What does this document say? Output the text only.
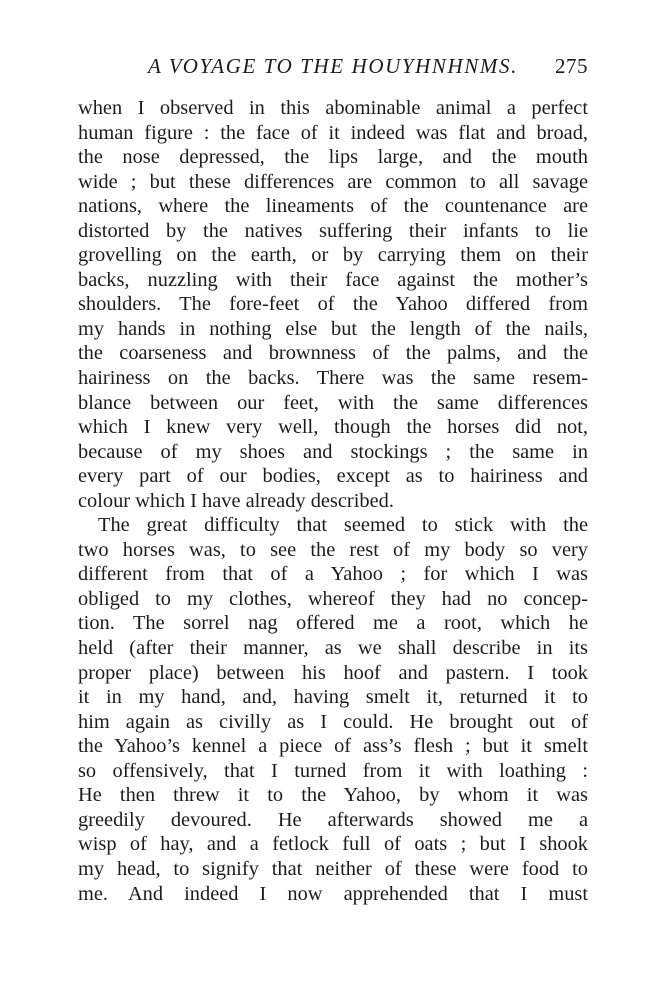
A VOYAGE TO THE HOUYHNHNMS. 275
when I observed in this abominable animal a perfect
human figure : the face of it indeed was flat and broad,
the nose depressed, the lips large, and the mouth
wide ; but these differences are common to all savage
nations, where the lineaments of the countenance are
distorted by the natives suffering their infants to lie
grovelling on the earth, or by carrying them on their
backs, nuzzling with their face against the mother’s
shoulders. The fore-feet of the Yahoo differed from
my hands in nothing else but the length of the nails,
the coarseness and brownness of the palms, and the
hairiness on the backs. There was the same resem-
blance between our feet, with the same differences
which I knew very well, though the horses did not,
because of my shoes and stockings ; the same in
every part of our bodies, except as to hairiness and
colour which I have already described.
The great difficulty that seemed to stick with the
two horses was, to see the rest of my body so very
different from that of a Yahoo ; for which I was
obliged to my clothes, whereof they had no concep-
tion. The sorrel nag offered me a root, which he
held (after their manner, as we shall describe in its
proper place) between his hoof and pastern. I took
it in my hand, and, having smelt it, returned it to
him again as civilly as I could. He brought out of
the Yahoo’s kennel a piece of ass’s flesh ; but it smelt
so offensively, that I turned from it with loathing :
He then threw it to the Yahoo, by whom it was
greedily devoured. He afterwards showed me a
wisp of hay, and a fetlock full of oats ; but I shook
my head, to signify that neither of these were food to
me. And indeed I now apprehended that I must
